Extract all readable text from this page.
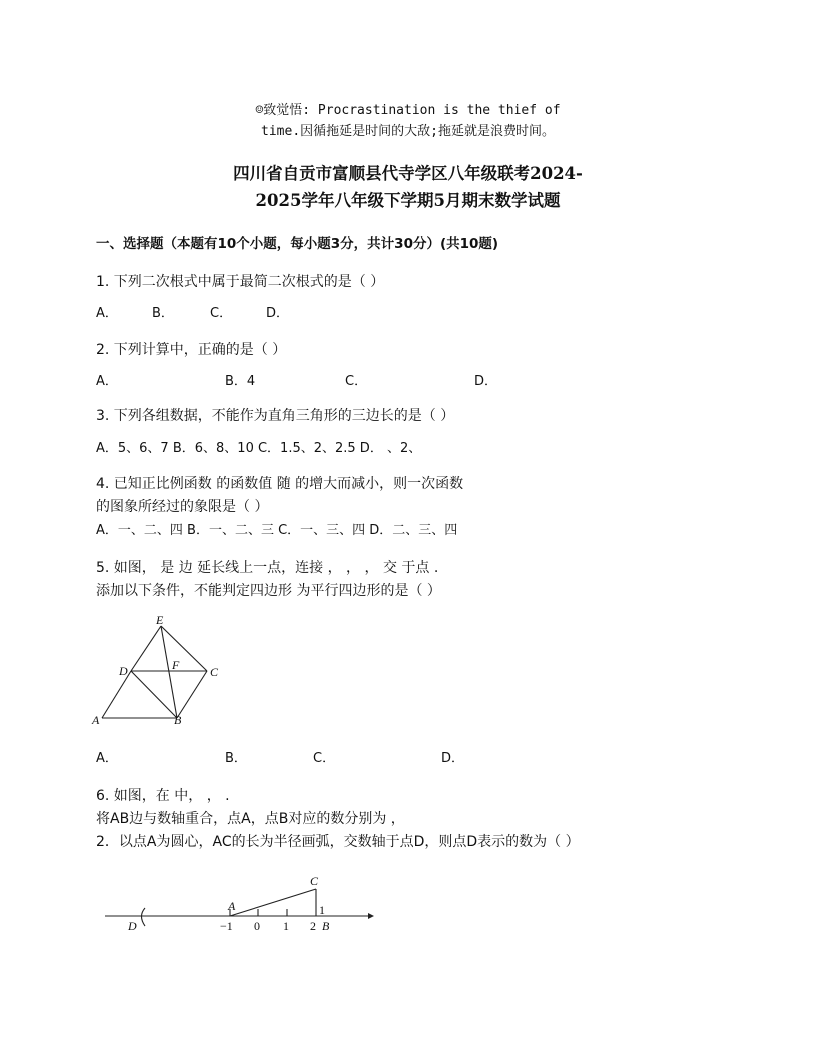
☺致觉悟: Procrastination is the thief of
time.因循拖延是时间的大敌;拖延就是浪费时间。
四川省自贡市富顺县代寺学区八年级联考2024-
2025学年八年级下学期5月期末数学试题
一、选择题（本题有10个小题，每小题3分，共计30分）(共10题)
1. 下列二次根式中属于最简二次根式的是（ ）
A．	B．	C．	D．
2. 下列计算中，正确的是（ ）
A．	B．4	C．	D．
3. 下列各组数据，不能作为直角三角形的三边长的是（ ）
A．5、6、7 B．6、8、10 C．1.5、2、2.5 D． 、2、
4. 已知正比例函数 的函数值 随 的增大而减小，则一次函数
的图象所经过的象限是（ ）
A．一、二、四 B．一、二、三 C．一、三、四 D．二、三、四
5. 如图， 是 边 延长线上一点，连接 ， ， ， 交 于点 .
添加以下条件，不能判定四边形 为平行四边形的是（ ）
A	B
C
D
E
F
A．	B．	C．	D．
6. 如图，在 中， ， .
将AB边与数轴重合，点A，点B对应的数分别为 ，
2．以点A为圆心，AC的长为半径画弧，交数轴于点D，则点D表示的数为（ ）
−1 0 1 2
1
D
A
B
C
